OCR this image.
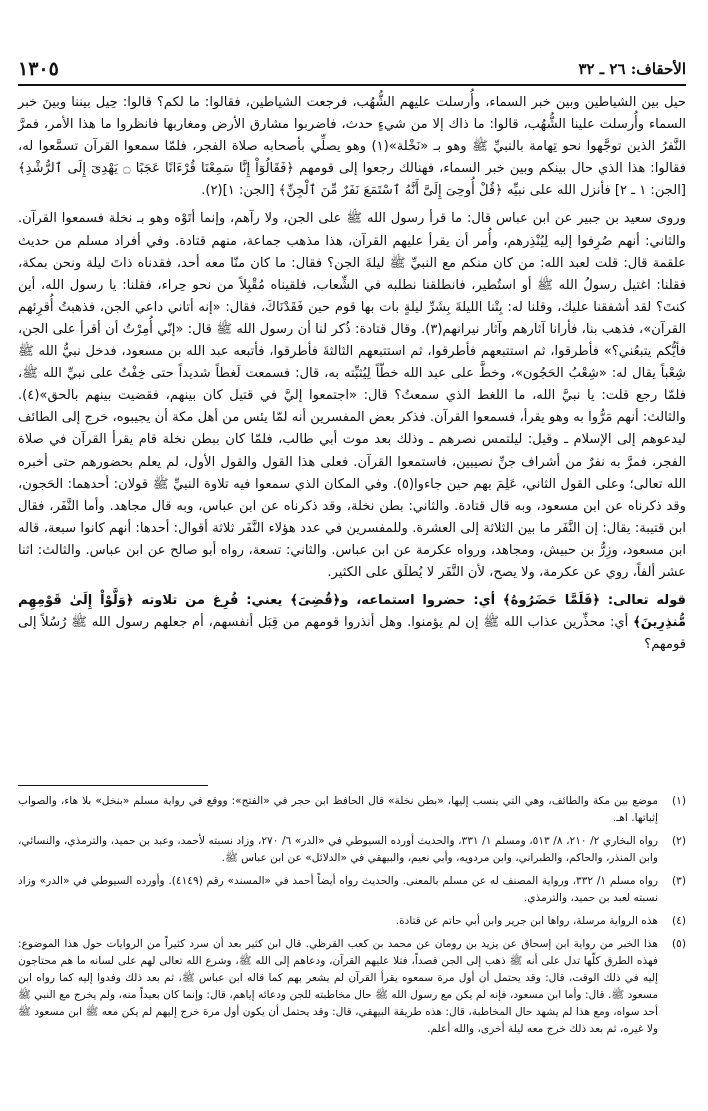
الأحقاف: ٢٦ ـ ٣٢
١٣٠٥

حيل بين الشياطين وبين خبر السماء، وأُرسلت عليهم الشُّهُب، فرجعت الشياطين، فقالوا: ما لكم؟ قالوا: حِيل بيننا وبينَ خبر السماء وأُرسلت علينا الشُّهُب، قالوا: ما ذاك إلا من شيءٍ حدث، فاضربوا مشارق الأرض ومغاربها فانظروا ما هذا الأمر، فمرَّ النَّفرُ الذين توجَّهوا نحو تِهامة بالنبيِّ ﷺ وهو بـ «نَخْلة»(١) وهو يصلِّي بأصحابه صلاة الفجر، فلمّا سمعوا القرآن تسمَّعوا له، فقالوا: هذا الذي حال بينكم وبين خبر السماء، فهنالك رجعوا إلى قومهم ﴿فَقَالُوٓاْ إِنَّا سَمِعْنَا قُرْءَانًا عَجَبًا ۝ يَهْدِىٓ إِلَى ٱلرُّشْدِ﴾ [الجن: ١ ـ ٢] فأنزل الله على نبيِّه ﴿قُلْ أُوحِىَ إِلَىَّ أَنَّهُ ٱسْتَمَعَ نَفَرٌ مِّنَ ٱلْجِنِّ﴾ [الجن: ١](٢).

وروى سعيد بن جبير عن ابن عباس قال: ما قرأ رسول الله ﷺ على الجن، ولا رآهم، وإنما أتَوْه وهو بـ نخلة فسمعوا القرآن. والثاني: أنهم صُرِفوا إليه لِيُنْذِرهم، وأُمر أن يقرأ عليهم القرآن، هذا مذهب جماعة، منهم قتادة. وفي أفراد مسلم من حديث علقمة قال: قلت لعبد الله: من كان منكم مع النبيِّ ﷺ ليلةَ الجن؟ فقال: ما كان منّا معه أحد، فقدناه ذاتَ ليلة ونحن بمكة، فقلنا: اغتيل رسولُ الله ﷺ أو استُطير، فانطلقنا نطلبه في الشِّعاب، فلقيناه مُقْبِلاً من نحو حِراء، فقلنا: يا رسول الله، أين كنتَ؟ لقد أشفقنا عليك، وقلنا له: بِتْنا الليلةَ بِشَرِّ ليلةٍ بات بها قوم حين فَقَدْنَاكَ، فقال: «إنه أتاني داعي الجن، فذهبتُ أُقرِئهم القرآن»، فذهب بنا، فأرانا آثارهم وآثار نيرانهم(٣). وقال قتادة: ذُكر لنا أن رسول الله ﷺ قال: «إنّي أُمِرْتُ أن أقرأ على الجن، فأيُّكم يتبعُني؟» فأطرقوا، ثم استتبعهم فأطرقوا، ثم استتبعهم الثالثةَ فأطرقوا، فأتبعه عبد الله بن مسعود، فدخل نبيُّ الله ﷺ شِعْباً يقال له: «شِعْبُ الحَجُون»، وخطَّ على عبد الله خطّاً لِيُثبِّته به، قال: فسمعت لَغطاً شديداً حتى خِفْتُ على نبيِّ الله ﷺ، فلمّا رجع قلت: يا نبيَّ الله، ما اللغط الذي سمعتُ؟ قال: «اجتمعوا إليَّ في قتيل كان بينهم، فقضيت بينهم بالحق»(٤). والثالث: أنهم مَرُّوا به وهو يقرأ، فسمعوا القرآن. فذكر بعض المفسرين أنه لمّا يئس من أهل مكة أن يجيبوه، خرج إلى الطائف ليدعوهم إلى الإسلام ـ وقيل: ليلتمس نصرهم ـ وذلك بعد موت أبي طالب، فلمّا كان ببطن نخلة قام يقرأ القرآن في صلاة الفجر، فمرَّ به نفرٌ من أشراف جنِّ نصيبين، فاستمعوا القرآن. فعلى هذا القول والقول الأول، لم يعلم بحضورهم حتى أخبره الله تعالى؛ وعلى القول الثاني، عَلِمَ بهم حين جاءوا(٥). وفي المكان الذي سمعوا فيه تلاوة النبيِّ ﷺ قولان: أحدهما: الحَجون، وقد ذكرناه عن ابن مسعود، وبه قال قتادة. والثاني: بطن نخلة، وقد ذكرناه عن ابن عباس، وبه قال مجاهد. وأما النَّفَر، فقال ابن قتيبة: يقال: إن النَّفَر ما بين الثلاثة إلى العشرة. وللمفسرين في عدد هؤلاء النَّفَر ثلاثة أقوال: أحدها: أنهم كانوا سبعة، قاله ابن مسعود، وزِرُّ بن حبيش، ومجاهد، ورواه عكرمة عن ابن عباس. والثاني: تسعة، رواه أبو صالح عن ابن عباس. والثالث: اثنا عشر ألفاً، روي عن عكرمة، ولا يصح، لأن النَّفَر لا يُطلَق على الكثير.

قوله تعالى: ﴿فَلَمَّا حَضَرُوهُ﴾ أي: حضروا استماعه، و﴿قُضِىَ﴾ يعني: فُرِغ من تلاوته ﴿وَلَّوْاْ إِلَىٰ قَوْمِهِم مُّنذِرِينَ﴾ أي: محذِّرين عذاب الله ﷺ إن لم يؤمنوا. وهل أنذروا قومهم من قِبَل أنفسهم، أم جعلهم رسول الله ﷺ رُسُلاً إلى قومهم؟

(١)
موضع بين مكة والطائف، وهي التي ينسب إليها، «بطن نخلة» قال الحافظ ابن حجر في «الفتح»: ووقع في رواية مسلم «بنخل» بلا هاء، والصواب إثباتها. اهـ.
(٢)
رواه البخاري ٢/ ٢١٠، ٨/ ٥١٣، ومسلم ١/ ٣٣١، والحديث أورده السيوطي في «الدر» ٦/ ٢٧٠، وزاد نسبته لأحمد، وعبد بن حميد، والترمذي، والنسائي، وابن المنذر، والحاكم، والطبراني، وابن مردويه، وأبي نعيم، والبيهقي في «الدلائل» عن ابن عباس ﷺ.
(٣)
رواه مسلم ١/ ٣٣٢، ورواية المصنف له عن مسلم بالمعنى. والحديث رواه أيضاً أحمد في «المسند» رقم (٤١٤٩). وأورده السيوطي في «الدر» وزاد نسبته لعبد بن حميد، والترمذي.
(٤)
هذه الرواية مرسلة، رواها ابن جرير وابن أبي حاتم عن قتادة.
(٥)
هذا الخبر من رواية ابن إسحاق عن يزيد بن رومان عن محمد بن كعب القرظي. قال ابن كثير بعد أن سرد كثيراً من الروايات حول هذا الموضوع: فهذه الطرق كلّها تدل على أنه ﷺ ذهب إلى الجن قصداً، فتلا عليهم القرآن، ودعاهم إلى الله ﷺ، وشرع الله تعالى لهم على لسانه ما هم محتاجون إليه في ذلك الوقت، قال: وقد يحتمل أن أول مرة سمعوه يقرأ القرآن لم يشعر بهم كما قاله ابن عباس ﷺ، ثم بعد ذلك وفدوا إليه كما رواه ابن مسعود ﷺ. قال: وأما ابن مسعود، فإنه لم يكن مع رسول الله ﷺ حال مخاطبته للجن ودعائه إياهم، قال: وإنما كان بعيداً منه، ولم يخرج مع النبي ﷺ أحد سواه، ومع هذا لم يشهد حال المخاطبة، قال: هذه طريقة البيهقي، قال: وقد يحتمل أن يكون أول مرة خرج إليهم لم يكن معه ﷺ ابن مسعود ﷺ ولا غيره، ثم بعد ذلك خرج معه ليلة أخرى، والله أعلم.
